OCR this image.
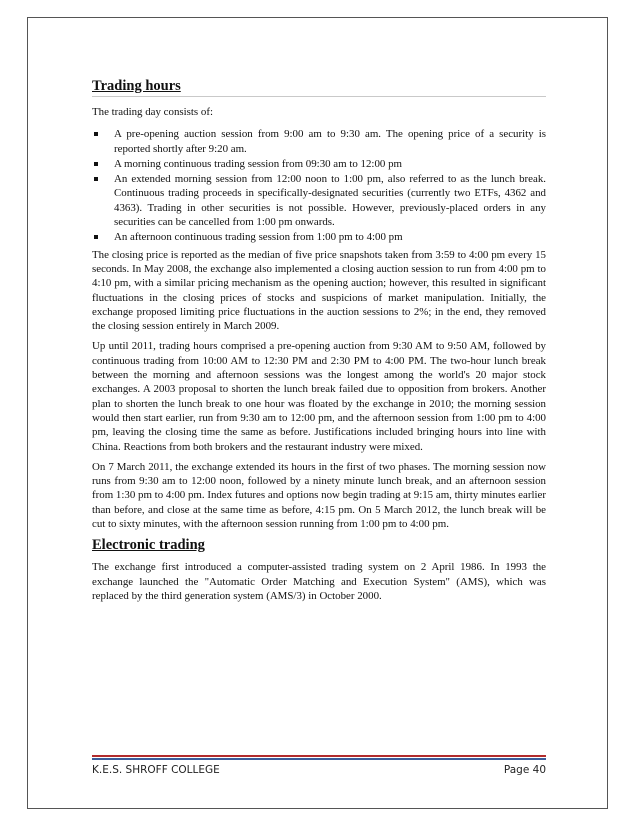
Trading hours

The trading day consists of:

A pre-opening auction session from 9:00 am to 9:30 am. The opening price of a security is reported shortly after 9:20 am.
A morning continuous trading session from 09:30 am to 12:00 pm
An extended morning session from 12:00 noon to 1:00 pm, also referred to as the lunch break. Continuous trading proceeds in specifically-designated securities (currently two ETFs, 4362 and 4363). Trading in other securities is not possible. However, previously-placed orders in any securities can be cancelled from 1:00 pm onwards.
An afternoon continuous trading session from 1:00 pm to 4:00 pm

The closing price is reported as the median of five price snapshots taken from 3:59 to 4:00 pm every 15 seconds. In May 2008, the exchange also implemented a closing auction session to run from 4:00 pm to 4:10 pm, with a similar pricing mechanism as the opening auction; however, this resulted in significant fluctuations in the closing prices of stocks and suspicions of market manipulation. Initially, the exchange proposed limiting price fluctuations in the auction sessions to 2%; in the end, they removed the closing session entirely in March 2009.

Up until 2011, trading hours comprised a pre-opening auction from 9:30 AM to 9:50 AM, followed by continuous trading from 10:00 AM to 12:30 PM and 2:30 PM to 4:00 PM. The two-hour lunch break between the morning and afternoon sessions was the longest among the world's 20 major stock exchanges. A 2003 proposal to shorten the lunch break failed due to opposition from brokers. Another plan to shorten the lunch break to one hour was floated by the exchange in 2010; the morning session would then start earlier, run from 9:30 am to 12:00 pm, and the afternoon session from 1:00 pm to 4:00 pm, leaving the closing time the same as before. Justifications included bringing hours into line with China. Reactions from both brokers and the restaurant industry were mixed.

On 7 March 2011, the exchange extended its hours in the first of two phases. The morning session now runs from 9:30 am to 12:00 noon, followed by a ninety minute lunch break, and an afternoon session from 1:30 pm to 4:00 pm. Index futures and options now begin trading at 9:15 am, thirty minutes earlier than before, and close at the same time as before, 4:15 pm. On 5 March 2012, the lunch break will be cut to sixty minutes, with the afternoon session running from 1:00 pm to 4:00 pm.

Electronic trading

The exchange first introduced a computer-assisted trading system on 2 April 1986. In 1993 the exchange launched the "Automatic Order Matching and Execution System" (AMS), which was replaced by the third generation system (AMS/3) in October 2000.

K.E.S. SHROFF COLLEGE	Page 40
